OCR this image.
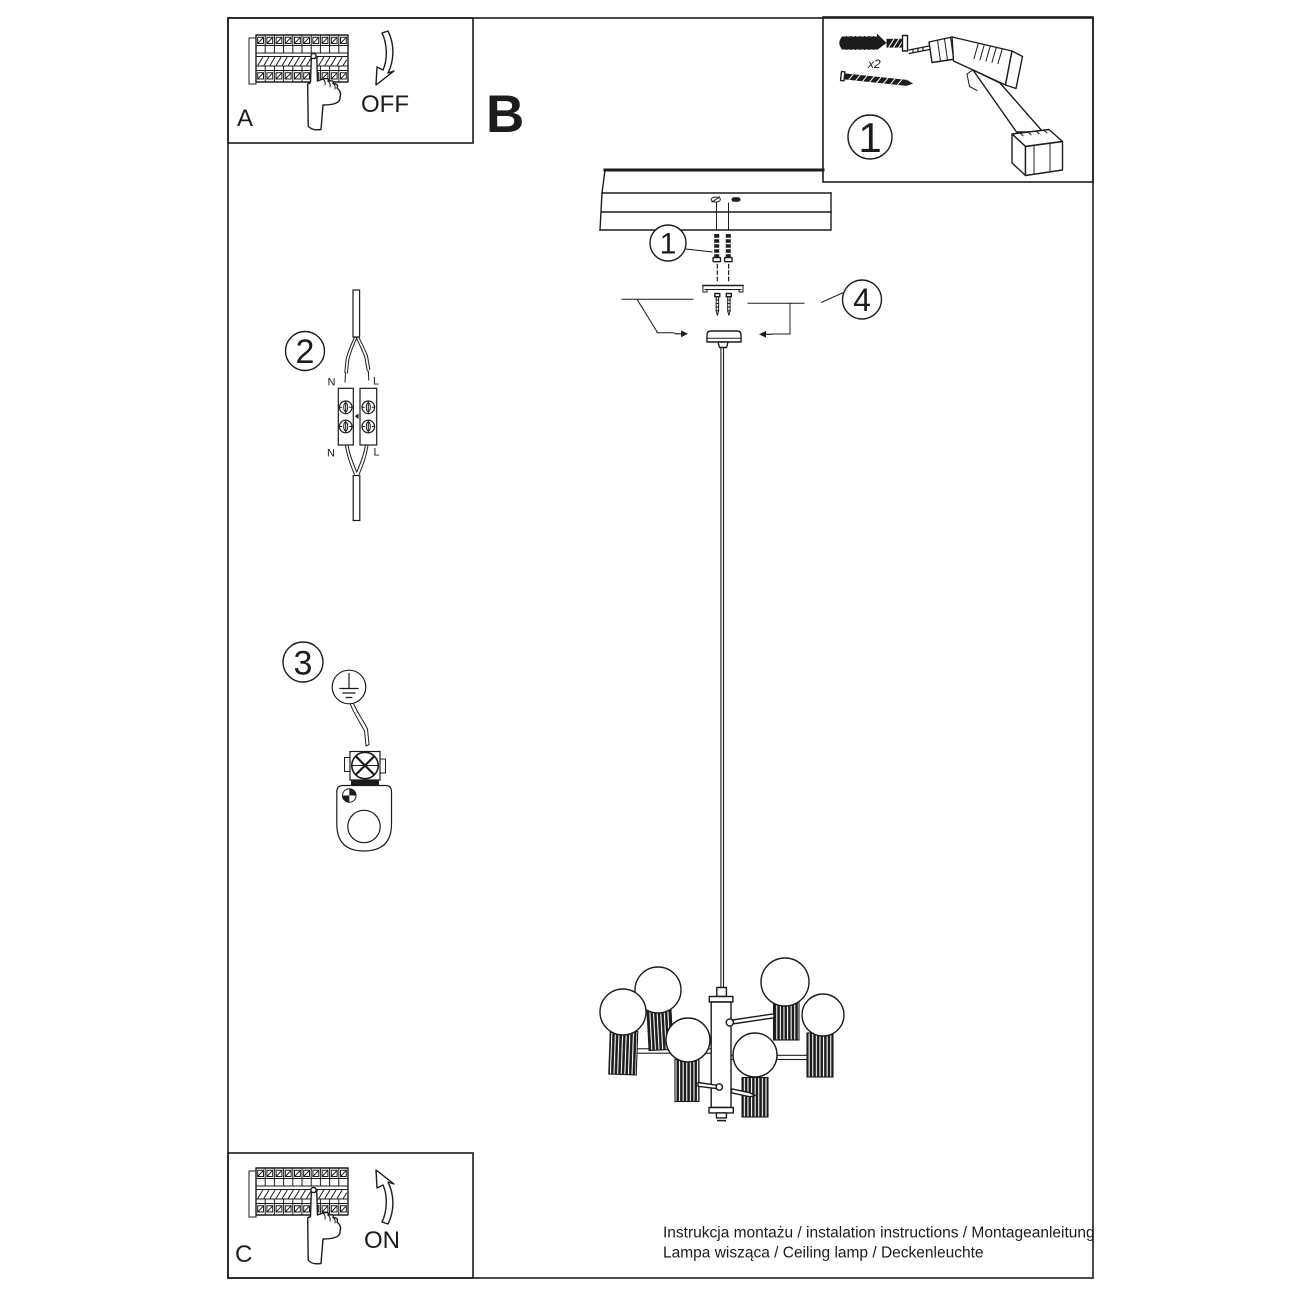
A
OFF B
x2
1
1
4
2
N	L
N	L
3
C
ON	Instrukcja montażu / instalation instructions / Montageanleitung
Lampa wisząca / Ceiling lamp / Deckenleuchte
